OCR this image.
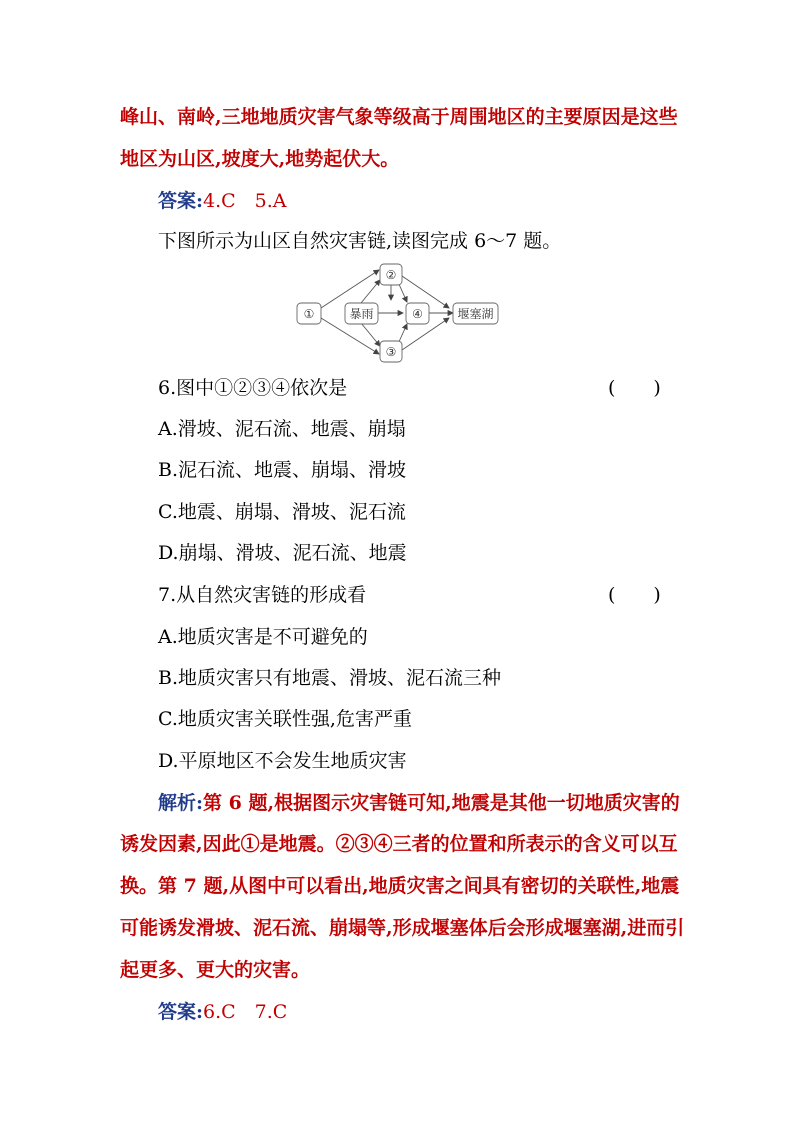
峰山、南岭,三地地质灾害气象等级高于周围地区的主要原因是这些
地区为山区,坡度大,地势起伏大。
答案:4.C　5.A
下图所示为山区自然灾害链,读图完成 6～7 题。
①	暴雨
②
③
④	堰塞湖
6.图中①②③④依次是	(　　)
A.滑坡、泥石流、地震、崩塌
B.泥石流、地震、崩塌、滑坡
C.地震、崩塌、滑坡、泥石流
D.崩塌、滑坡、泥石流、地震
7.从自然灾害链的形成看	(　　)
A.地质灾害是不可避免的
B.地质灾害只有地震、滑坡、泥石流三种
C.地质灾害关联性强,危害严重
D.平原地区不会发生地质灾害
解析:第 6 题,根据图示灾害链可知,地震是其他一切地质灾害的
诱发因素,因此①是地震。②③④三者的位置和所表示的含义可以互
换。第 7 题,从图中可以看出,地质灾害之间具有密切的关联性,地震
可能诱发滑坡、泥石流、崩塌等,形成堰塞体后会形成堰塞湖,进而引
起更多、更大的灾害。
答案:6.C　7.C
